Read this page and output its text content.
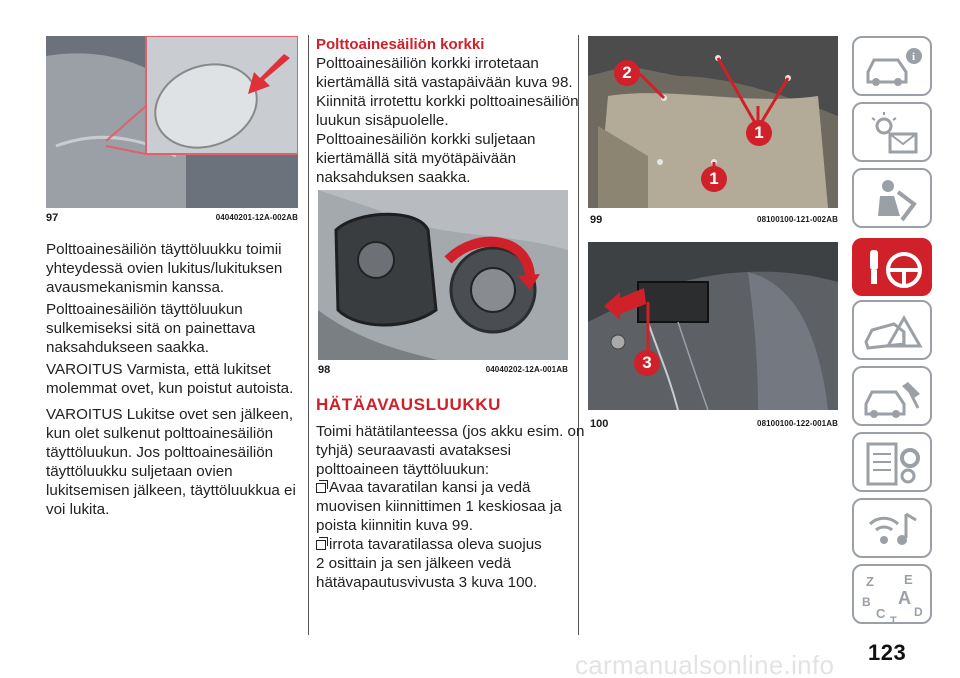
97	04040201-12A-002AB
Polttoainesäiliön täyttöluukku toimii
yhteydessä ovien lukitus/lukituksen
avausmekanismin kanssa.
Polttoainesäiliön täyttöluukun
sulkemiseksi sitä on painettava
naksahdukseen saakka.
VAROITUS Varmista, että lukitset
molemmat ovet, kun poistut autoista.
VAROITUS Lukitse ovet sen jälkeen,
kun olet sulkenut polttoainesäiliön
täyttöluukun. Jos polttoainesäiliön
täyttöluukku suljetaan ovien
lukitsemisen jälkeen, täyttöluukkua ei
voi lukita.
Polttoainesäiliön korkki
Polttoainesäiliön korkki irrotetaan
kiertämällä sitä vastapäivään kuva 98.
Kiinnitä irrotettu korkki polttoainesäiliön
luukun sisäpuolelle.
Polttoainesäiliön korkki suljetaan
kiertämällä sitä myötäpäivään
naksahduksen saakka.
98	04040202-12A-001AB
HÄTÄAVAUSLUUKKU
Toimi hätätilanteessa (jos akku esim. on
tyhjä) seuraavasti avataksesi
polttoaineen täyttöluukun:
Avaa tavaratilan kansi ja vedä
muovisen kiinnittimen 1 keskiosaa ja
poista kiinnitin kuva 99.
irrota tavaratilassa oleva suojus
2 osittain ja sen jälkeen vedä
hätävapautusvivusta 3 kuva 100.
2
1
1
99	08100100-121-002AB
3
100	08100100-122-001AB
i
!
Z E
B A
C D
T
123
carmanualsonline.info
